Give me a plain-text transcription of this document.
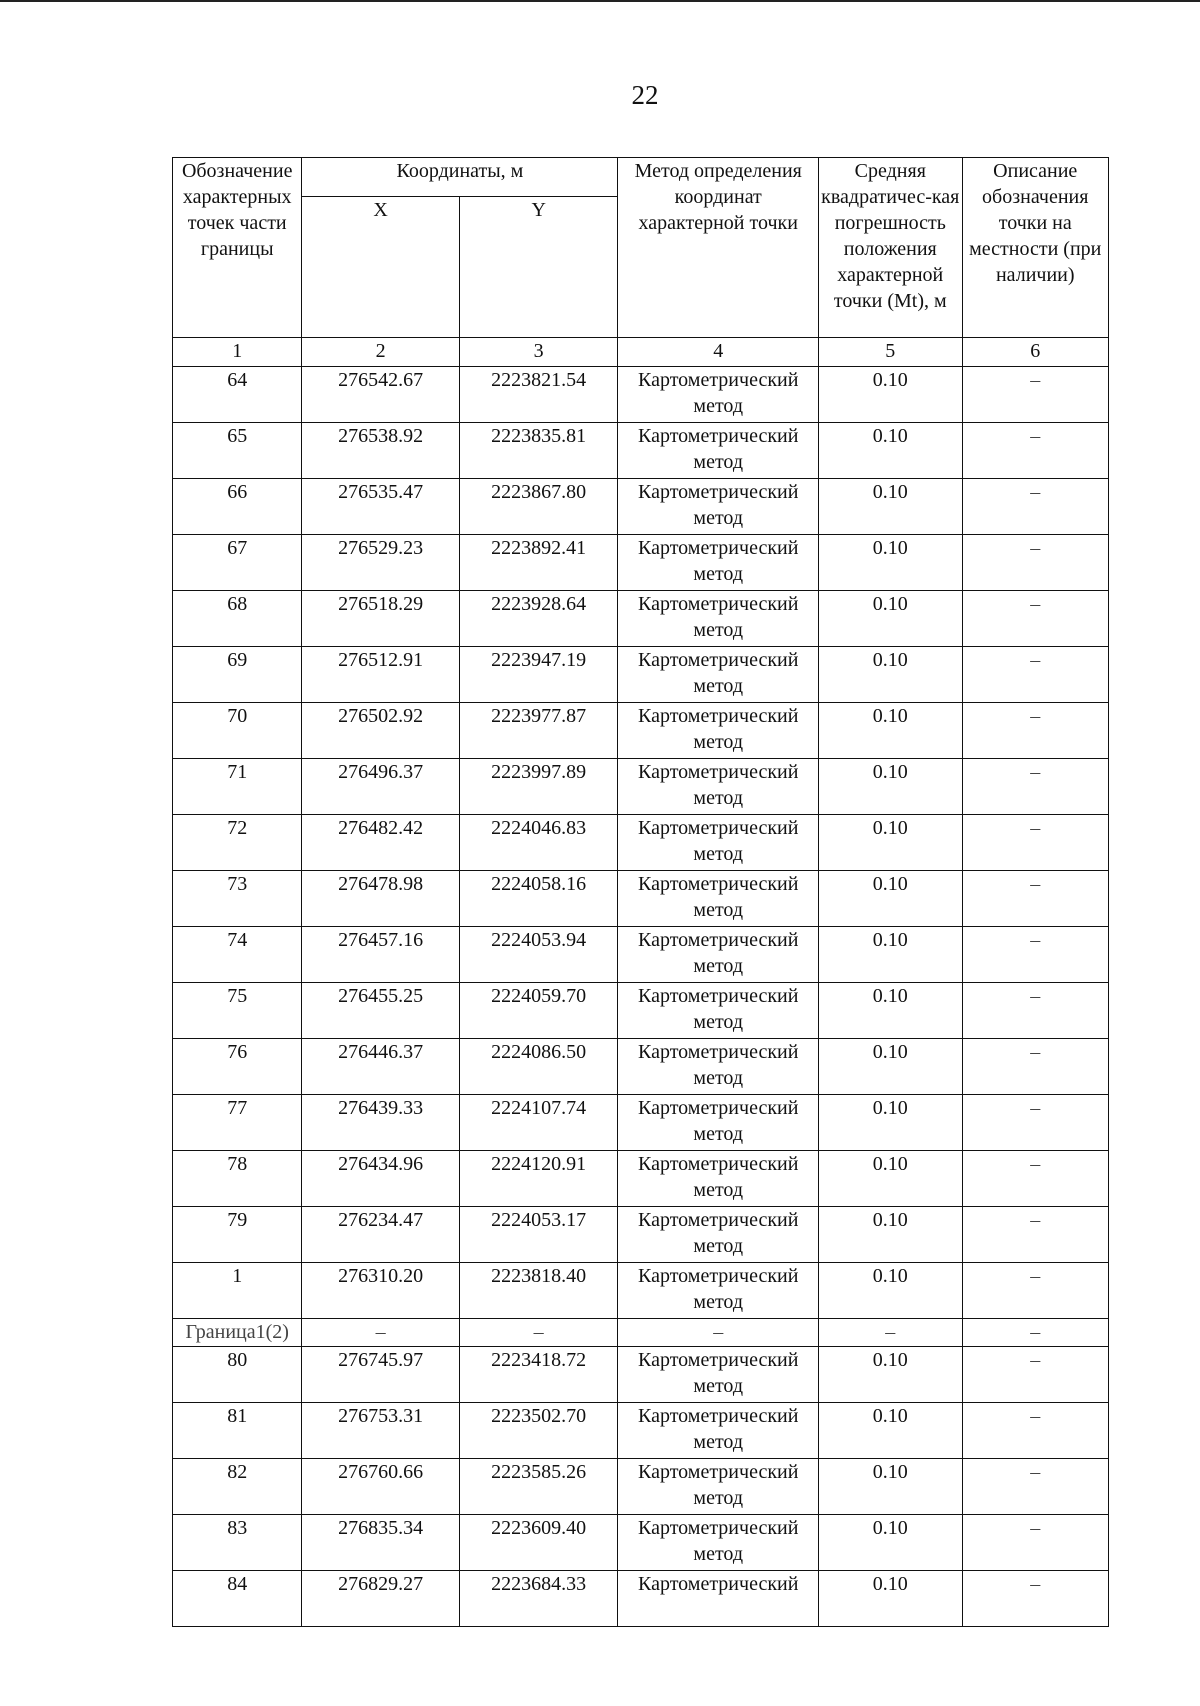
22
Обозначение характерных точек части границы	Координаты, м		Метод определения координат характерной точки	Средняя квадратичес-кая погрешность положения характерной точки (Mt), м	Описание обозначения точки на местности (при наличии)
	X	Y			
1	2	3	4	5	6
64	276542.67	2223821.54	Картометрический метод	0.10	–
65	276538.92	2223835.81	Картометрический метод	0.10	–
66	276535.47	2223867.80	Картометрический метод	0.10	–
67	276529.23	2223892.41	Картометрический метод	0.10	–
68	276518.29	2223928.64	Картометрический метод	0.10	–
69	276512.91	2223947.19	Картометрический метод	0.10	–
70	276502.92	2223977.87	Картометрический метод	0.10	–
71	276496.37	2223997.89	Картометрический метод	0.10	–
72	276482.42	2224046.83	Картометрический метод	0.10	–
73	276478.98	2224058.16	Картометрический метод	0.10	–
74	276457.16	2224053.94	Картометрический метод	0.10	–
75	276455.25	2224059.70	Картометрический метод	0.10	–
76	276446.37	2224086.50	Картометрический метод	0.10	–
77	276439.33	2224107.74	Картометрический метод	0.10	–
78	276434.96	2224120.91	Картометрический метод	0.10	–
79	276234.47	2224053.17	Картометрический метод	0.10	–
1	276310.20	2223818.40	Картометрический метод	0.10	–
Граница1(2)	–	–	–	–	–
80	276745.97	2223418.72	Картометрический метод	0.10	–
81	276753.31	2223502.70	Картометрический метод	0.10	–
82	276760.66	2223585.26	Картометрический метод	0.10	–
83	276835.34	2223609.40	Картометрический метод	0.10	–
84	276829.27	2223684.33	Картометрический	0.10	–
